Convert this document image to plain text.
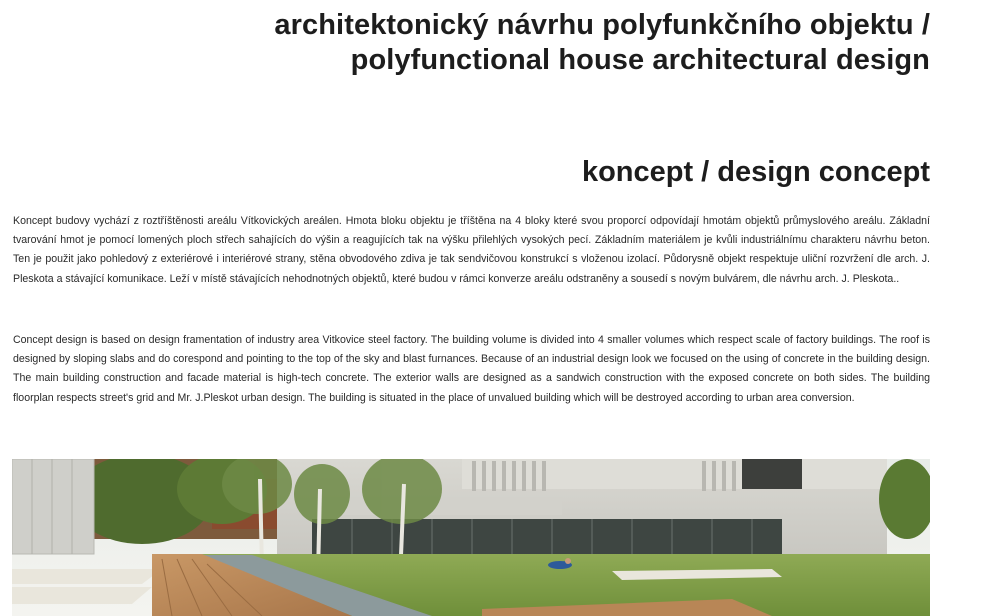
architektonický návrhu polyfunkčního objektu /
polyfunctional house architectural design
koncept / design concept

Koncept budovy vychází z roztříštěnosti areálu Vítkovických areálen. Hmota bloku objektu je tříštěna na 4 bloky které svou proporcí odpovídají hmotám objektů průmyslového areálu. Základní tvarování hmot je pomocí lomených ploch střech sahajících do výšin a reagujících tak na výšku přilehlých vysokých pecí. Základním materiálem je kvůli industriálnímu charakteru návrhu beton. Ten je použit jako pohledový z exteriérové i interiérové strany, stěna obvodového zdiva je tak sendvičovou konstrukcí s vloženou izolací. Půdorysně objekt respektuje uliční rozvržení dle arch. J. Pleskota a stávající komunikace. Leží v místě stávajících nehodnotných objektů, které budou v rámci konverze areálu odstraněny a sousedí s novým bulvárem, dle návrhu arch. J. Pleskota..

Concept design is based on design framentation of industry area Vitkovice steel factory. The building volume is divided into 4 smaller volumes which respect scale of factory buildings. The roof is designed by sloping slabs and do corespond and pointing to the top of the sky and blast furnances. Because of an industrial design look we focused on the using of concrete in the building design. The main building construction and facade material is high-tech concrete. The exterior walls are designed as a sandwich construction with the exposed concrete on both sides. The building floorplan respects street's grid and Mr. J.Pleskot urban design. The building is situated in the place of unvalued building which will be destroyed according to urban area conversion.
